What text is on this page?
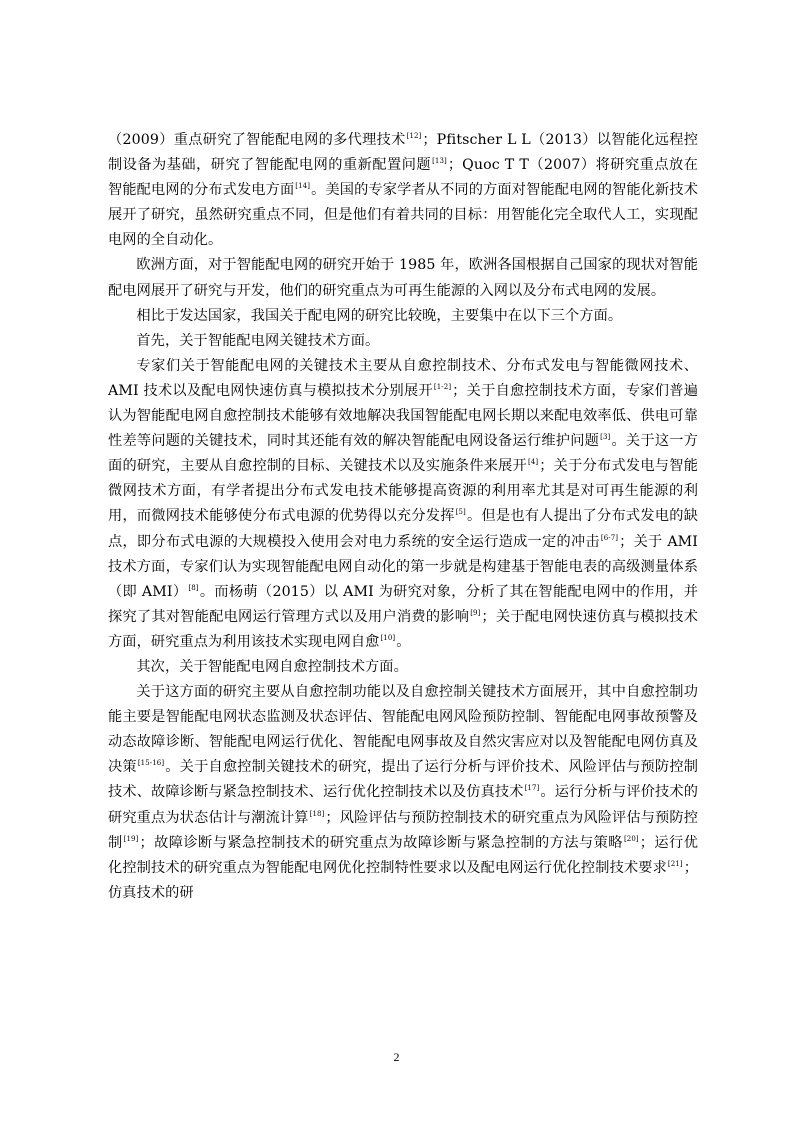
（2009）重点研究了智能配电网的多代理技术[12]；Pfitscher L L（2013）以智能化远程控制设备为基础，研究了智能配电网的重新配置问题[13]；Quoc T T（2007）将研究重点放在智能配电网的分布式发电方面[14]。美国的专家学者从不同的方面对智能配电网的智能化新技术展开了研究，虽然研究重点不同，但是他们有着共同的目标：用智能化完全取代人工，实现配电网的全自动化。

欧洲方面，对于智能配电网的研究开始于 1985 年，欧洲各国根据自己国家的现状对智能配电网展开了研究与开发，他们的研究重点为可再生能源的入网以及分布式电网的发展。

相比于发达国家，我国关于配电网的研究比较晚，主要集中在以下三个方面。

首先，关于智能配电网关键技术方面。

专家们关于智能配电网的关键技术主要从自愈控制技术、分布式发电与智能微网技术、AMI 技术以及配电网快速仿真与模拟技术分别展开[1-2]；关于自愈控制技术方面，专家们普遍认为智能配电网自愈控制技术能够有效地解决我国智能配电网长期以来配电效率低、供电可靠性差等问题的关键技术，同时其还能有效的解决智能配电网设备运行维护问题[3]。关于这一方面的研究，主要从自愈控制的目标、关键技术以及实施条件来展开[4]；关于分布式发电与智能微网技术方面，有学者提出分布式发电技术能够提高资源的利用率尤其是对可再生能源的利用，而微网技术能够使分布式电源的优势得以充分发挥[5]。但是也有人提出了分布式发电的缺点，即分布式电源的大规模投入使用会对电力系统的安全运行造成一定的冲击[6-7]；关于 AMI 技术方面，专家们认为实现智能配电网自动化的第一步就是构建基于智能电表的高级测量体系（即 AMI）[8]。而杨萌（2015）以 AMI 为研究对象，分析了其在智能配电网中的作用，并探究了其对智能配电网运行管理方式以及用户消费的影响[9]；关于配电网快速仿真与模拟技术方面，研究重点为利用该技术实现电网自愈[10]。

其次，关于智能配电网自愈控制技术方面。

关于这方面的研究主要从自愈控制功能以及自愈控制关键技术方面展开，其中自愈控制功能主要是智能配电网状态监测及状态评估、智能配电网风险预防控制、智能配电网事故预警及动态故障诊断、智能配电网运行优化、智能配电网事故及自然灾害应对以及智能配电网仿真及决策[15-16]。关于自愈控制关键技术的研究，提出了运行分析与评价技术、风险评估与预防控制技术、故障诊断与紧急控制技术、运行优化控制技术以及仿真技术[17]。运行分析与评价技术的研究重点为状态估计与潮流计算[18]；风险评估与预防控制技术的研究重点为风险评估与预防控制[19]；故障诊断与紧急控制技术的研究重点为故障诊断与紧急控制的方法与策略[20]；运行优化控制技术的研究重点为智能配电网优化控制特性要求以及配电网运行优化控制技术要求[21]；仿真技术的研

2
